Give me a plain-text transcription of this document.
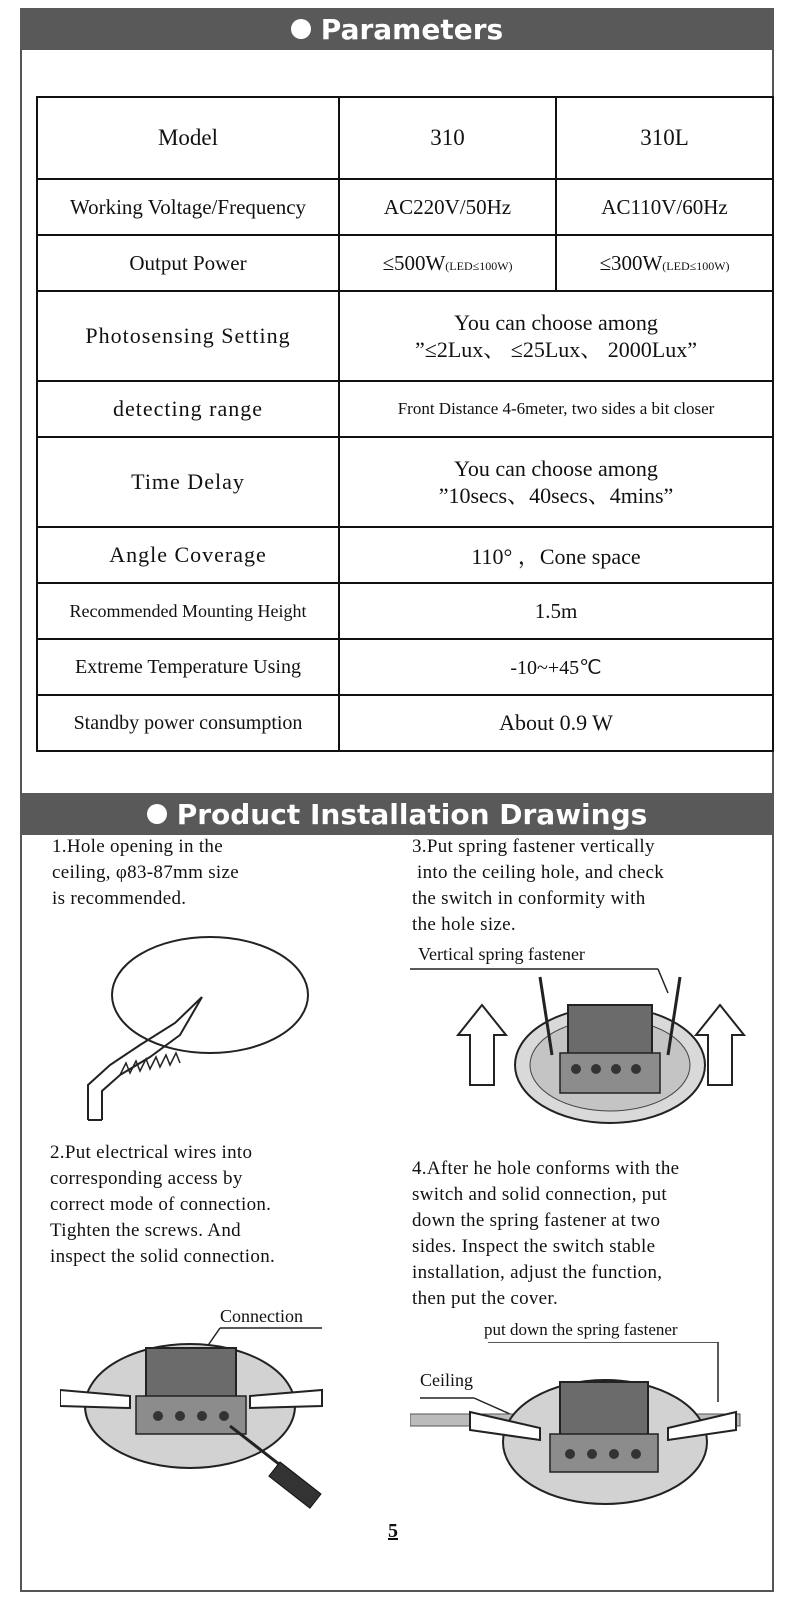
Parameters
Model	310	310L
Working Voltage/Frequency	AC220V/50Hz	AC110V/60Hz
Output Power	≤500W(LED≤100W)	≤300W(LED≤100W)
Photosensing Setting	You can choose among
”≤2Lux、 ≤25Lux、 2000Lux”	

detecting range	Front Distance 4-6meter, two sides a bit closer	
Time Delay	You can choose among
”10secs、40secs、4mins”	

Angle Coverage	110° ，Cone space	
Recommended Mounting Height	1.5m	
Extreme Temperature Using	-10~+45℃	
Standby power consumption	About 0.9 W	
Product Installation Drawings
1.Hole opening in the
ceiling, φ83-87mm size
is recommended.
3.Put spring fastener vertically
into the ceiling hole, and check
the switch in conformity with
the hole size.
2.Put electrical wires into
corresponding access by
correct mode of connection.
Tighten the screws. And
inspect the solid connection.
4.After he hole conforms with the
switch and solid connection, put
down the spring fastener at two
sides. Inspect the switch stable
installation, adjust the function,
then put the cover.
Vertical spring fastener
Connection
Ceiling
put down the spring fastener
5
